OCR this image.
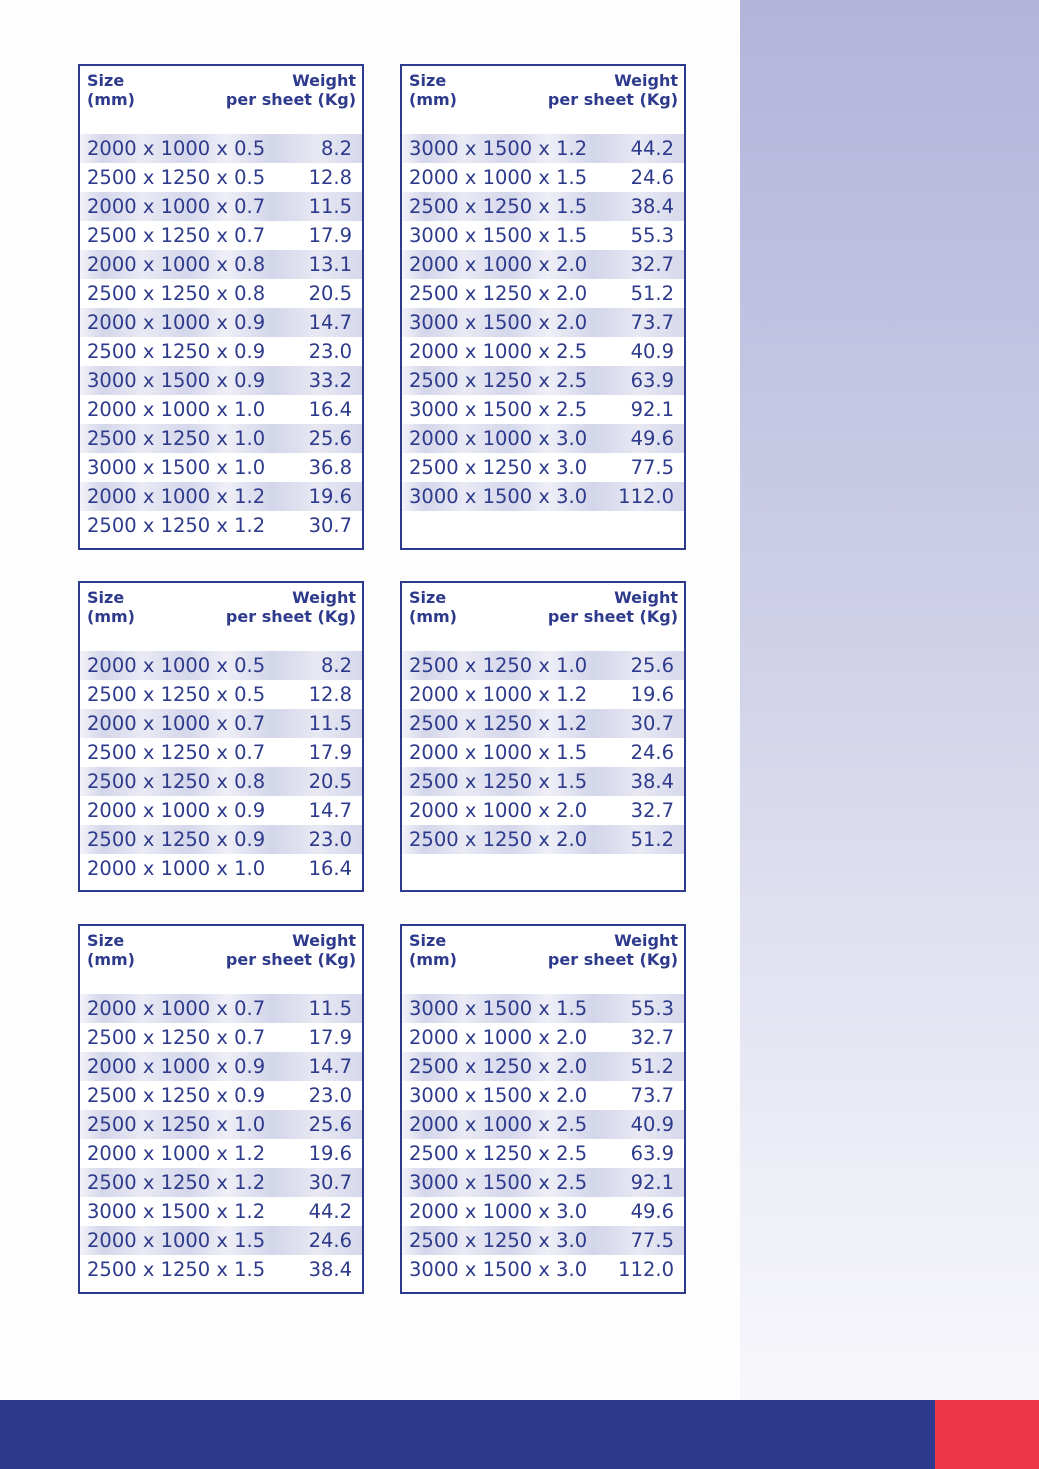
Size
(mm)
Weight
per sheet (Kg)
2000 x 1000 x 0.5	8.2
2500 x 1250 x 0.5 12.8
2000 x 1000 x 0.7 11.5
2500 x 1250 x 0.7 17.9
2000 x 1000 x 0.8 13.1
2500 x 1250 x 0.8 20.5
2000 x 1000 x 0.9 14.7
2500 x 1250 x 0.9 23.0
3000 x 1500 x 0.9 33.2
2000 x 1000 x 1.0 16.4
2500 x 1250 x 1.0 25.6
3000 x 1500 x 1.0 36.8
2000 x 1000 x 1.2 19.6
2500 x 1250 x 1.2 30.7
Size
(mm)
Weight
per sheet (Kg)
3000 x 1500 x 1.2 44.2
2000 x 1000 x 1.5 24.6
2500 x 1250 x 1.5 38.4
3000 x 1500 x 1.5 55.3
2000 x 1000 x 2.0 32.7
2500 x 1250 x 2.0 51.2
3000 x 1500 x 2.0 73.7
2000 x 1000 x 2.5 40.9
2500 x 1250 x 2.5 63.9
3000 x 1500 x 2.5 92.1
2000 x 1000 x 3.0 49.6
2500 x 1250 x 3.0 77.5
3000 x 1500 x 3.0 112.0
Size
(mm)
Weight
per sheet (Kg)
2000 x 1000 x 0.5	8.2
2500 x 1250 x 0.5 12.8
2000 x 1000 x 0.7 11.5
2500 x 1250 x 0.7 17.9
2500 x 1250 x 0.8 20.5
2000 x 1000 x 0.9 14.7
2500 x 1250 x 0.9 23.0
2000 x 1000 x 1.0 16.4
Size
(mm)
Weight
per sheet (Kg)
2500 x 1250 x 1.0 25.6
2000 x 1000 x 1.2 19.6
2500 x 1250 x 1.2 30.7
2000 x 1000 x 1.5 24.6
2500 x 1250 x 1.5 38.4
2000 x 1000 x 2.0 32.7
2500 x 1250 x 2.0 51.2
Size
(mm)
Weight
per sheet (Kg)
2000 x 1000 x 0.7 11.5
2500 x 1250 x 0.7 17.9
2000 x 1000 x 0.9 14.7
2500 x 1250 x 0.9 23.0
2500 x 1250 x 1.0 25.6
2000 x 1000 x 1.2 19.6
2500 x 1250 x 1.2 30.7
3000 x 1500 x 1.2 44.2
2000 x 1000 x 1.5 24.6
2500 x 1250 x 1.5 38.4
Size
(mm)
Weight
per sheet (Kg)
3000 x 1500 x 1.5 55.3
2000 x 1000 x 2.0 32.7
2500 x 1250 x 2.0 51.2
3000 x 1500 x 2.0 73.7
2000 x 1000 x 2.5 40.9
2500 x 1250 x 2.5 63.9
3000 x 1500 x 2.5 92.1
2000 x 1000 x 3.0 49.6
2500 x 1250 x 3.0 77.5
3000 x 1500 x 3.0 112.0
